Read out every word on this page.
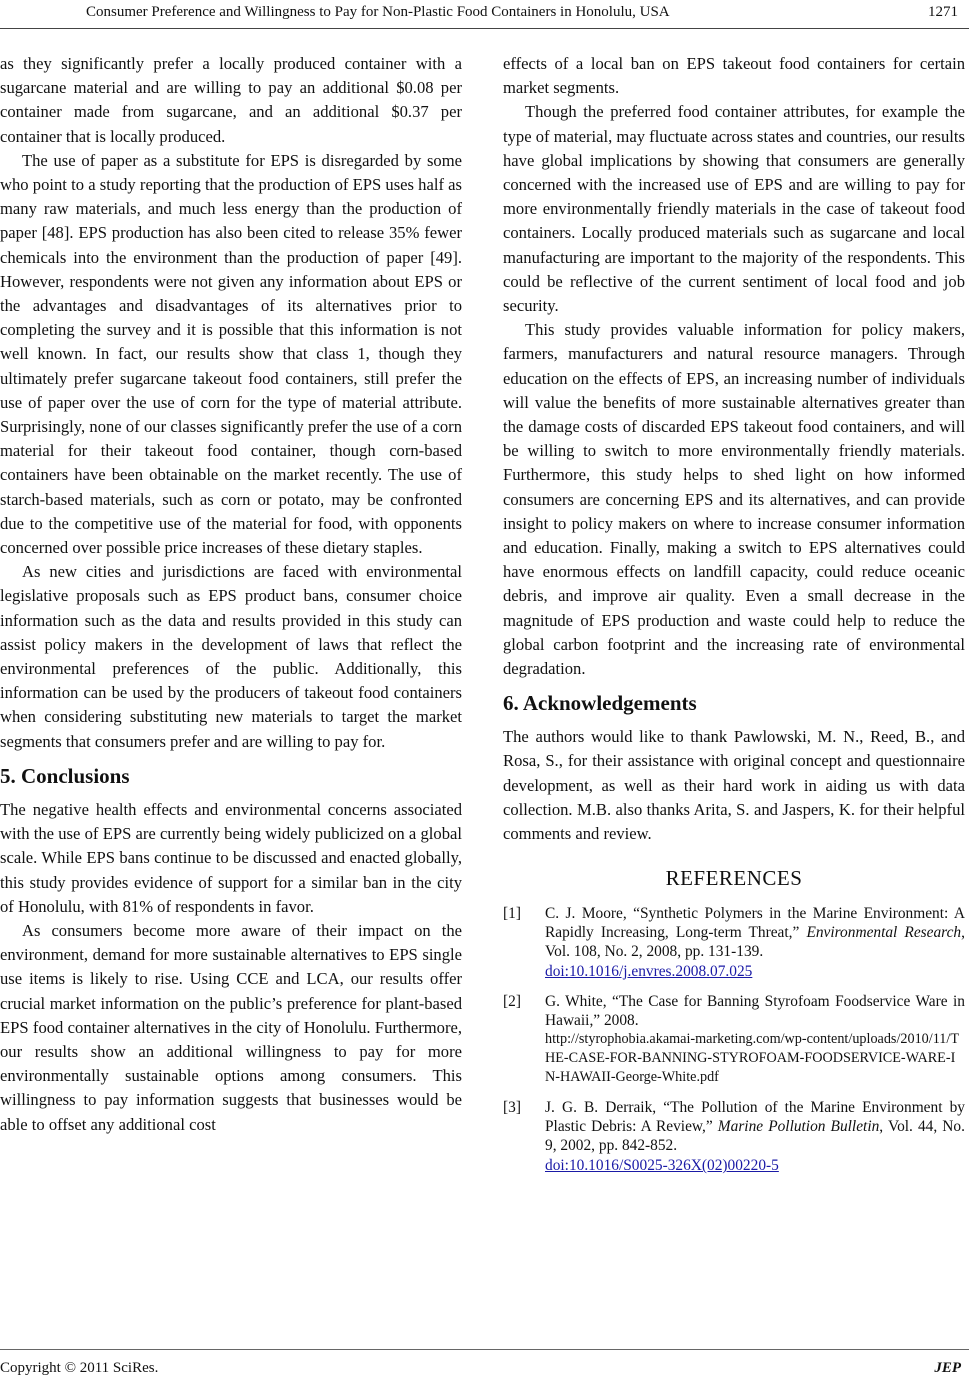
Consumer Preference and Willingness to Pay for Non-Plastic Food Containers in Honolulu, USA	1271

as they significantly prefer a locally produced container with a sugarcane material and are willing to pay an additional $0.08 per container made from sugarcane, and an additional $0.37 per container that is locally produced.

The use of paper as a substitute for EPS is disregarded by some who point to a study reporting that the production of EPS uses half as many raw materials, and much less energy than the production of paper [48]. EPS production has also been cited to release 35% fewer chemicals into the environment than the production of paper [49]. However, respondents were not given any information about EPS or the advantages and disadvantages of its alternatives prior to completing the survey and it is possible that this information is not well known. In fact, our results show that class 1, though they ultimately prefer sugarcane takeout food containers, still prefer the use of paper over the use of corn for the type of material attribute. Surprisingly, none of our classes significantly prefer the use of a corn material for their takeout food container, though corn-based containers have been obtainable on the market recently. The use of starch-based materials, such as corn or potato, may be confronted due to the competitive use of the material for food, with opponents concerned over possible price increases of these dietary staples.

As new cities and jurisdictions are faced with environmental legislative proposals such as EPS product bans, consumer choice information such as the data and results provided in this study can assist policy makers in the development of laws that reflect the environmental preferences of the public. Additionally, this information can be used by the producers of takeout food containers when considering substituting new materials to target the market segments that consumers prefer and are willing to pay for.

5. Conclusions

The negative health effects and environmental concerns associated with the use of EPS are currently being widely publicized on a global scale. While EPS bans continue to be discussed and enacted globally, this study provides evidence of support for a similar ban in the city of Honolulu, with 81% of respondents in favor.

As consumers become more aware of their impact on the environment, demand for more sustainable alternatives to EPS single use items is likely to rise. Using CCE and LCA, our results offer crucial market information on the public’s preference for plant-based EPS food container alternatives in the city of Honolulu. Furthermore, our results show an additional willingness to pay for more environmentally sustainable options among consumers. This willingness to pay information suggests that businesses would be able to offset any additional cost

effects of a local ban on EPS takeout food containers for certain market segments.

Though the preferred food container attributes, for example the type of material, may fluctuate across states and countries, our results have global implications by showing that consumers are generally concerned with the increased use of EPS and are willing to pay for more environmentally friendly materials in the case of takeout food containers. Locally produced materials such as sugarcane and local manufacturing are important to the majority of the respondents. This could be reflective of the current sentiment of local food and job security.

This study provides valuable information for policy makers, farmers, manufacturers and natural resource managers. Through education on the effects of EPS, an increasing number of individuals will value the benefits of more sustainable alternatives greater than the damage costs of discarded EPS takeout food containers, and will be willing to switch to more environmentally friendly materials. Furthermore, this study helps to shed light on how informed consumers are concerning EPS and its alternatives, and can provide insight to policy makers on where to increase consumer information and education. Finally, making a switch to EPS alternatives could have enormous effects on landfill capacity, could reduce oceanic debris, and improve air quality. Even a small decrease in the magnitude of EPS production and waste could help to reduce the global carbon footprint and the increasing rate of environmental degradation.

6. Acknowledgements

The authors would like to thank Pawlowski, M. N., Reed, B., and Rosa, S., for their assistance with original concept and questionnaire development, as well as their hard work in aiding us with data collection. M.B. also thanks Arita, S. and Jaspers, K. for their helpful comments and review.

REFERENCES
[1] C. J. Moore, “Synthetic Polymers in the Marine Environment: A Rapidly Increasing, Long-term Threat,” Environmental Research, Vol. 108, No. 2, 2008, pp. 131-139.
doi:10.1016/j.envres.2008.07.025
[2] G. White, “The Case for Banning Styrofoam Foodservice Ware in Hawaii,” 2008.
http://styrophobia.akamai-marketing.com/wp-content/uploads/2010/11/THE-CASE-FOR-BANNING-STYROFOAM-FOODSERVICE-WARE-IN-HAWAII-George-White.pdf
[3] J. G. B. Derraik, “The Pollution of the Marine Environment by Plastic Debris: A Review,” Marine Pollution Bulletin, Vol. 44, No. 9, 2002, pp. 842-852.
doi:10.1016/S0025-326X(02)00220-5
Copyright © 2011 SciRes.	JEP
